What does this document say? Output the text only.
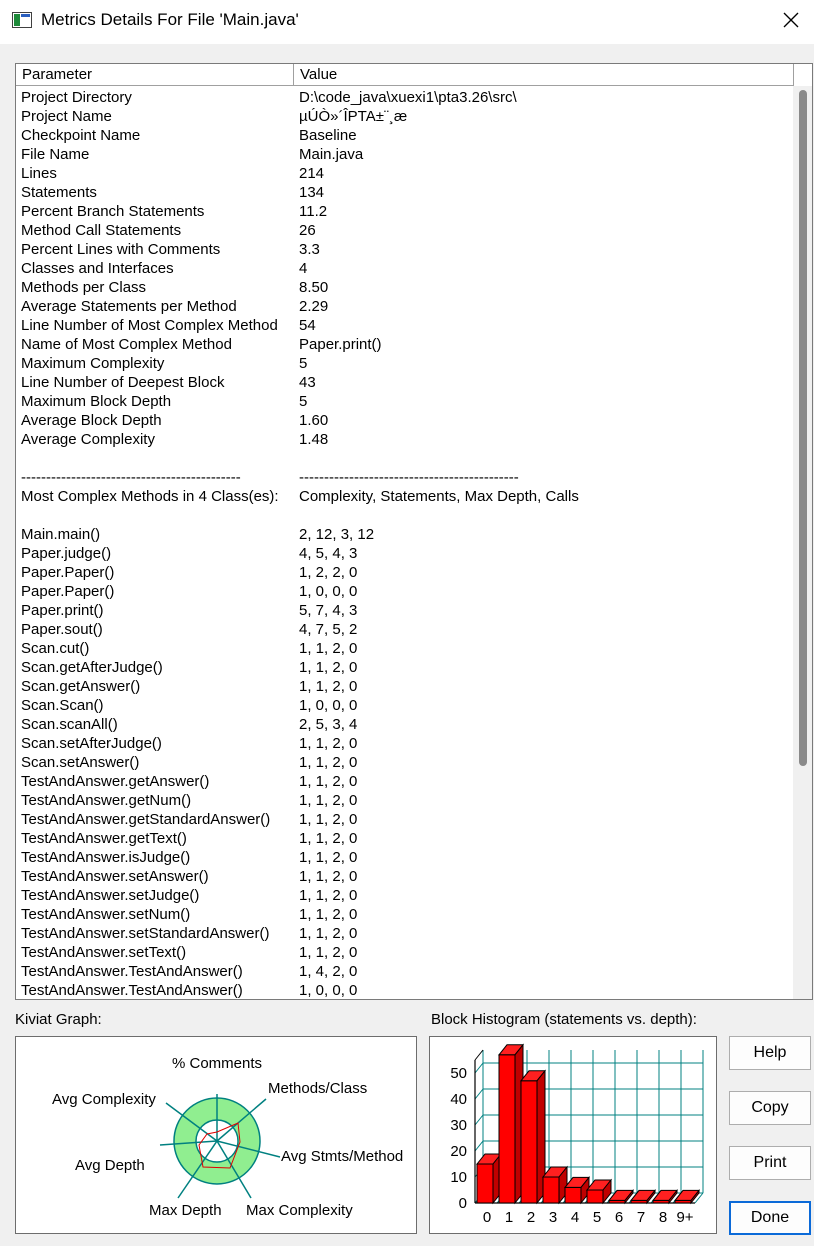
Metrics Details For File 'Main.java'
Parameter	Value
Project Directory	D:\code_java\xuexi1\pta3.26\src\
Project Name	µÚÒ»´ÎPTA±¨¸æ
Checkpoint Name	Baseline
File Name	Main.java
Lines	214
Statements	134
Percent Branch Statements	11.2
Method Call Statements	26
Percent Lines with Comments	3.3
Classes and Interfaces	4
Methods per Class	8.50
Average Statements per Method	2.29
Line Number of Most Complex Method 54
Name of Most Complex Method	Paper.print()
Maximum Complexity	5
Line Number of Deepest Block	43
Maximum Block Depth	5
Average Block Depth	1.60
Average Complexity	1.48
--------------------------------------------	--------------------------------------------
Most Complex Methods in 4 Class(es): Complexity, Statements, Max Depth, Calls
Main.main()	2, 12, 3, 12
Paper.judge()	4, 5, 4, 3
Paper.Paper()	1, 2, 2, 0
Paper.Paper()	1, 0, 0, 0
Paper.print()	5, 7, 4, 3
Paper.sout()	4, 7, 5, 2
Scan.cut()	1, 1, 2, 0
Scan.getAfterJudge()	1, 1, 2, 0
Scan.getAnswer()	1, 1, 2, 0
Scan.Scan()	1, 0, 0, 0
Scan.scanAll()	2, 5, 3, 4
Scan.setAfterJudge()	1, 1, 2, 0
Scan.setAnswer()	1, 1, 2, 0
TestAndAnswer.getAnswer()	1, 1, 2, 0
TestAndAnswer.getNum()	1, 1, 2, 0
TestAndAnswer.getStandardAnswer() 1, 1, 2, 0
TestAndAnswer.getText()	1, 1, 2, 0
TestAndAnswer.isJudge()	1, 1, 2, 0
TestAndAnswer.setAnswer()	1, 1, 2, 0
TestAndAnswer.setJudge()	1, 1, 2, 0
TestAndAnswer.setNum()	1, 1, 2, 0
TestAndAnswer.setStandardAnswer() 1, 1, 2, 0
TestAndAnswer.setText()	1, 1, 2, 0
TestAndAnswer.TestAndAnswer()	1, 4, 2, 0
TestAndAnswer.TestAndAnswer()	1, 0, 0, 0
Kiviat Graph:
% Comments
Methods/Class
Avg Stmts/Method
Max Complexity
Max Depth
Avg Depth
Avg Complexity
Block Histogram (statements vs. depth):
0
10
20
30
40
50
0 1 2 3 4 5 6 7 8 9+
Help
Copy
Print
Done
